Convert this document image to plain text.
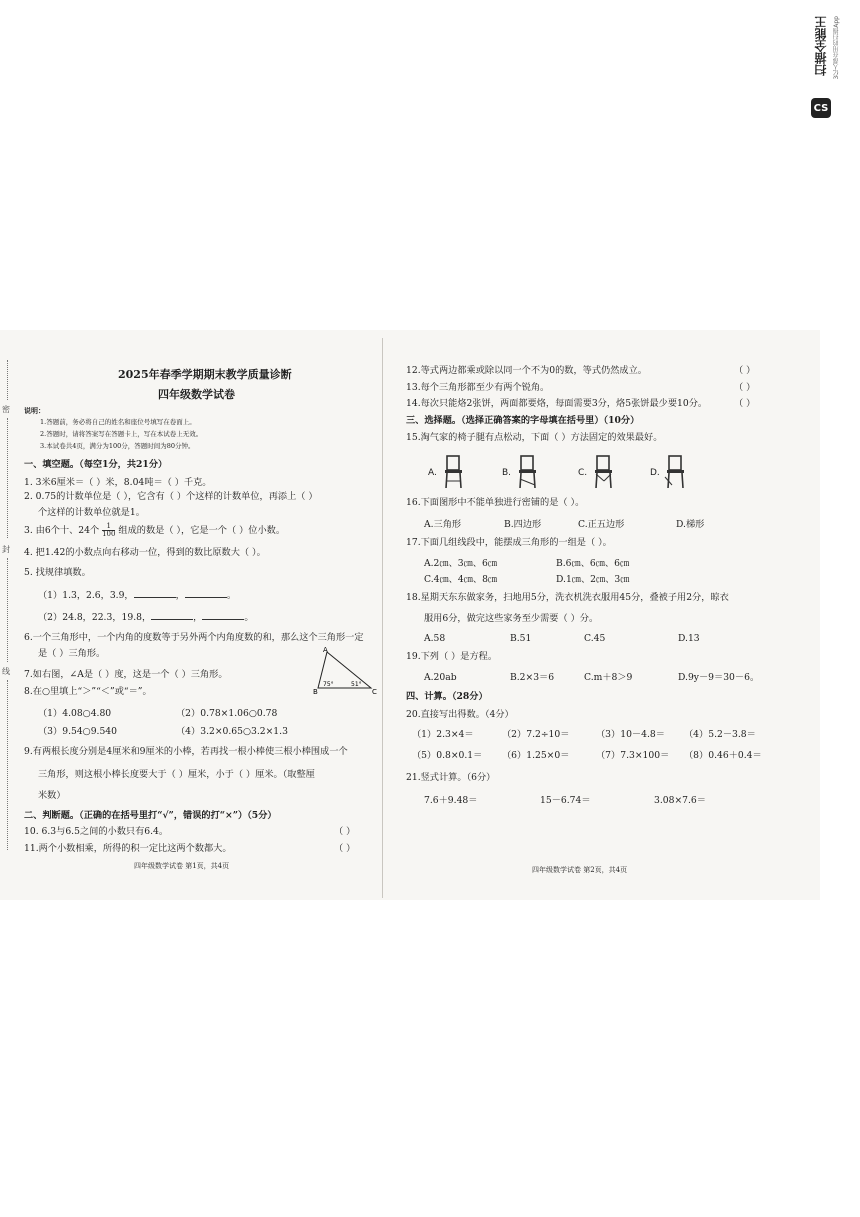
扫描全能王 3亿人都在用的扫描App
CS
密
封
线
2025年春季学期期末教学质量诊断
四年级数学试卷
说明：
1.答题前，务必将自己的姓名和座位号填写在卷面上。
2.答题时，请将答案写在答题卡上，写在本试卷上无效。
3.本试卷共4页，满分为100分，答题时间为80分钟。
一、填空题。（每空1分，共21分）
1. 3米6厘米＝（ ）米，8.04吨＝（ ）千克。
2. 0.75的计数单位是（ ），它含有（ ）个这样的计数单位，再添上（ ）
个这样的计数单位就是1。
3. 由6个十、24个 $\frac{1}{100}$ 组成的数是（ ），它是一个（ ）位小数。
4. 把1.42的小数点向右移动一位，得到的数比原数大（ ）。
5. 找规律填数。
（1）1.3，2.6，3.9，	，	。
（2）24.8，22.3，19.8，	，	。
6.一个三角形中，一个内角的度数等于另外两个内角度数的和，那么这个三角形一定
是（ ）三角形。
7.如右图，∠A是（ ）度，这是一个（ ）三角形。
A
B	C
75°	51°
8.在○里填上“＞”“＜”或“＝”。
（1）4.08○4.80	（2）0.78×1.06○0.78
（3）9.54○9.540	（4）3.2×0.65○3.2×1.3
9.有两根长度分别是4厘米和9厘米的小棒，若再找一根小棒使三根小棒围成一个
三角形，则这根小棒长度要大于（ ）厘米，小于（ ）厘米。（取整厘
米数）
二、判断题。（正确的在括号里打“√”，错误的打“×”）（5分）
10. 6.3与6.5之间的小数只有6.4。	（ ）
11.两个小数相乘，所得的积一定比这两个数都大。	（ ）
四年级数学试卷 第1页，共4页
12.等式两边都乘或除以同一个不为0的数，等式仍然成立。	（ ）
13.每个三角形都至少有两个锐角。	（ ）
14.每次只能烙2张饼，两面都要烙，每面需要3分，烙5张饼最少要10分。	（ ）
三、选择题。（选择正确答案的字母填在括号里）（10分）
15.淘气家的椅子腿有点松动，下面（ ）方法固定的效果最好。
A.	B.	C.	D.
16.下面图形中不能单独进行密铺的是（ ）。
A.三角形	B.四边形	C.正五边形	D.梯形
17.下面几组线段中，能摆成三角形的一组是（ ）。
A.2㎝、3㎝、6㎝	B.6㎝、6㎝、6㎝
C.4㎝、4㎝、8㎝	D.1㎝、2㎝、3㎝
18.星期天东东做家务，扫地用5分，洗衣机洗衣服用45分，叠被子用2分，晾衣
服用6分，做完这些家务至少需要（ ）分。
A.58	B.51	C.45	D.13
19.下列（ ）是方程。
A.20ab	B.2×3＝6	C.m＋8＞9	D.9y－9＝30－6。
四、计算。（28分）
20.直接写出得数。（4分）
（1）2.3×4＝	（2）7.2÷10＝	（3）10－4.8＝ （4）5.2－3.8＝
（5）0.8×0.1＝ （6）1.25×0＝	（7）7.3×100＝ （8）0.46＋0.4＝
21.竖式计算。（6分）
7.6＋9.48＝	15－6.74＝	3.08×7.6＝
四年级数学试卷 第2页，共4页
